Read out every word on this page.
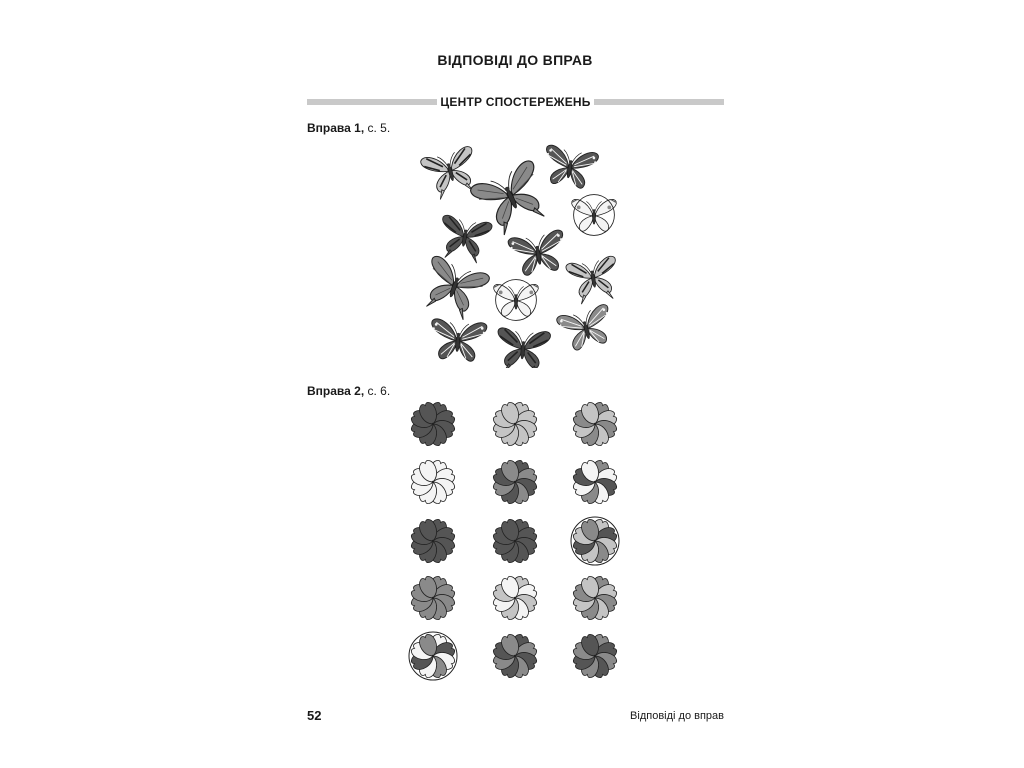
ВІДПОВІДІ ДО ВПРАВ
ЦЕНТР СПОСТЕРЕЖЕНЬ
Вправа 1, с. 5.
Вправа 2, с. 6.
52	Відповіді до вправ
